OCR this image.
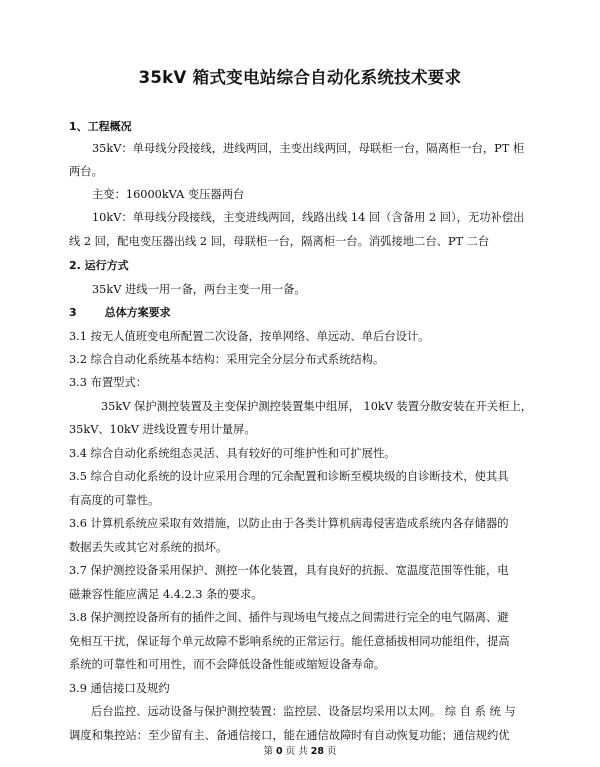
35kV 箱式变电站综合自动化系统技术要求
1、工程概况
35kV：单母线分段接线，进线两回，主变出线两回，母联柜一台，隔离柜一台，PT 柜
两台。
主变：16000kVA 变压器两台
10kV：单母线分段接线，主变进线两回，线路出线 14 回（含备用 2 回），无功补偿出
线 2 回，配电变压器出线 2 回，母联柜一台，隔离柜一台。消弧接地二台、PT 二台
2. 运行方式
35kV 进线一用一备，两台主变一用一备。
3	总体方案要求
3.1 按无人值班变电所配置二次设备，按单网络、单远动、单后台设计。
3.2 综合自动化系统基本结构：采用完全分层分布式系统结构。
3.3 布置型式：
35kV 保护测控装置及主变保护测控装置集中组屏， 10kV 装置分散安装在开关柜上，
35kV、10kV 进线设置专用计量屏。
3.4 综合自动化系统组态灵活、具有较好的可维护性和可扩展性。
3.5 综合自动化系统的设计应采用合理的冗余配置和诊断至模块级的自诊断技术，使其具
有高度的可靠性。
3.6 计算机系统应采取有效措施，以防止由于各类计算机病毒侵害造成系统内各存储器的
数据丢失或其它对系统的损坏。
3.7 保护测控设备采用保护、测控一体化装置，具有良好的抗振、宽温度范围等性能，电
磁兼容性能应满足 4.4.2.3 条的要求。
3.8 保护测控设备所有的插件之间、插件与现场电气接点之间需进行完全的电气隔离、避
免相互干扰，保证每个单元故障不影响系统的正常运行。能任意插拔相同功能组件，提高
系统的可靠性和可用性，而不会降低设备性能或缩短设备寿命。
3.9 通信接口及规约
后台监控、远动设备与保护测控装置：监控层、设备层均采用以太网。 综 自 系 统 与
调度和集控站：至少留有主、备通信接口，能在通信故障时有自动恢复功能；通信规约优
第 0 页 共 28 页
